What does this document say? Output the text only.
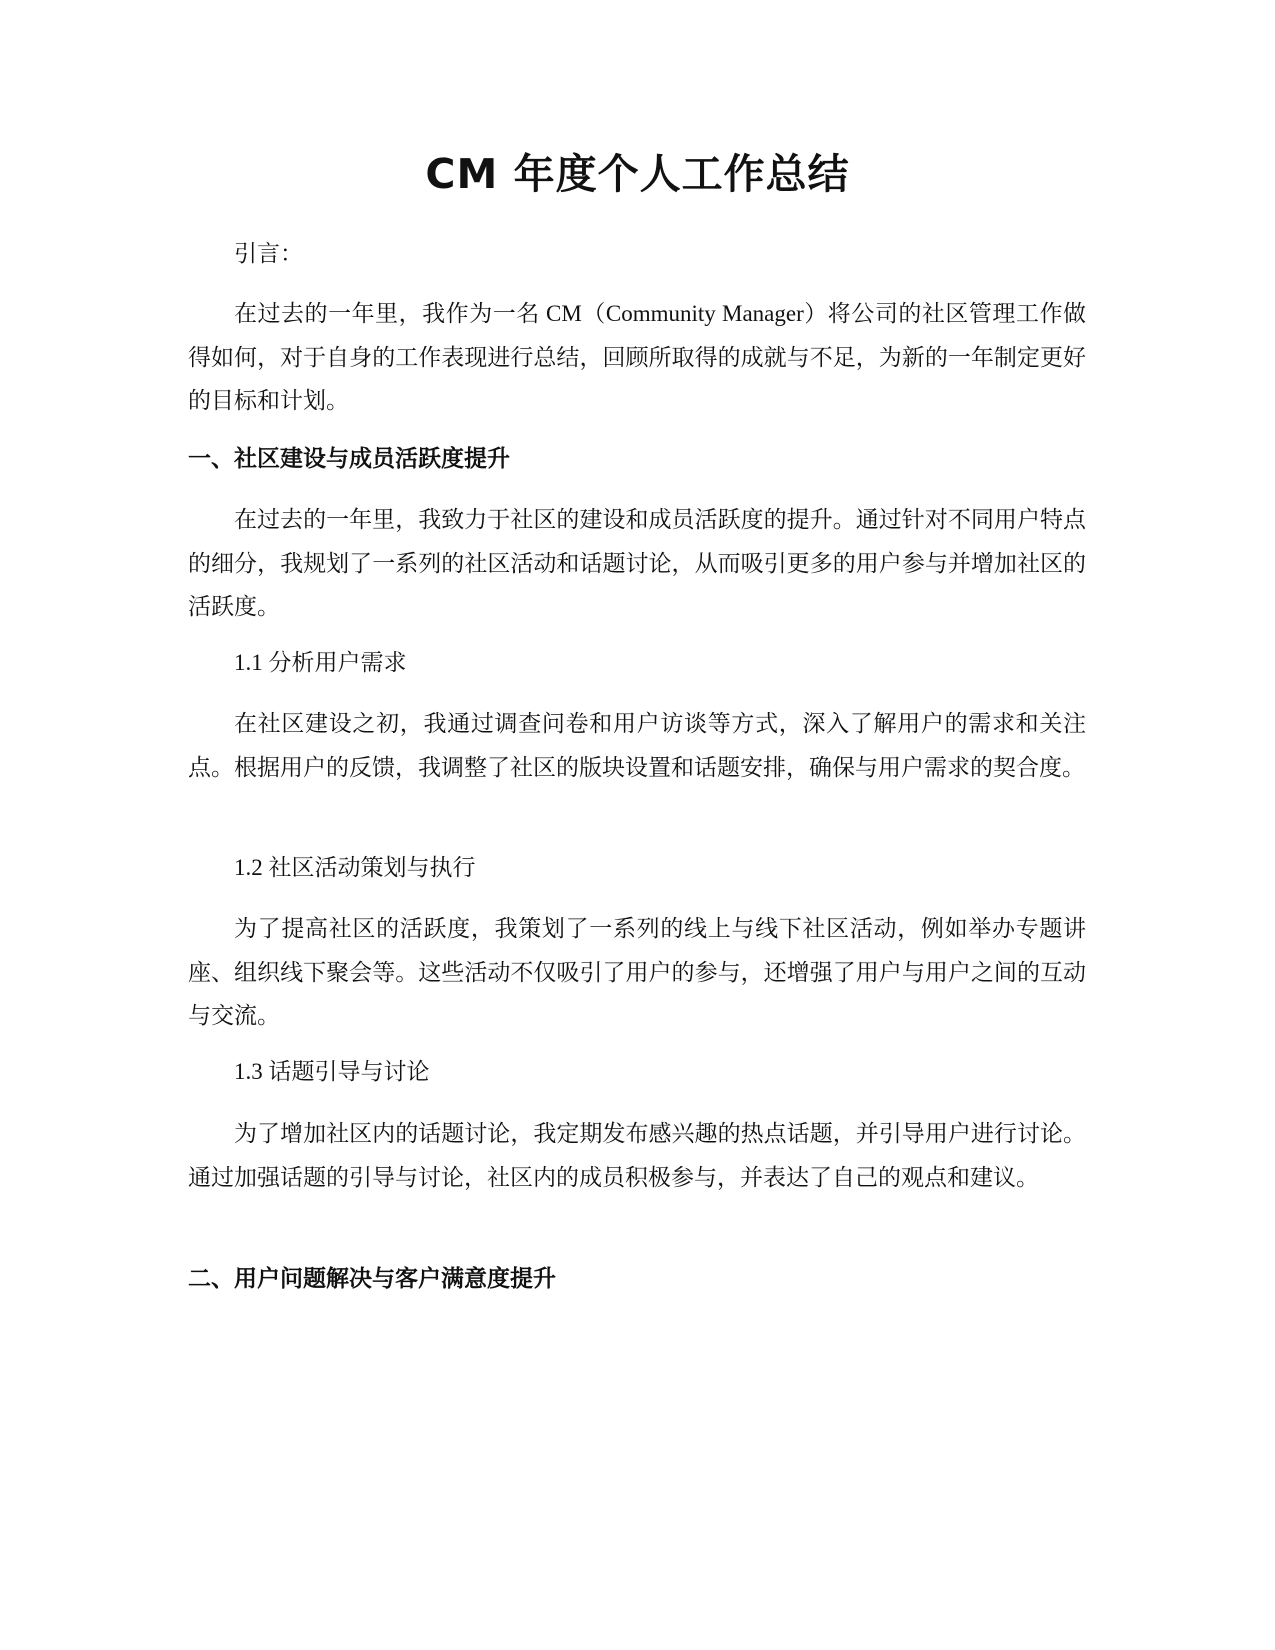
CM 年度个人工作总结

引言：

在过去的一年里，我作为一名 CM（Community Manager）将公司的社区管理工作做得如何，对于自身的工作表现进行总结，回顾所取得的成就与不足，为新的一年制定更好的目标和计划。

一、社区建设与成员活跃度提升

在过去的一年里，我致力于社区的建设和成员活跃度的提升。通过针对不同用户特点的细分，我规划了一系列的社区活动和话题讨论，从而吸引更多的用户参与并增加社区的活跃度。

1.1 分析用户需求

在社区建设之初，我通过调查问卷和用户访谈等方式，深入了解用户的需求和关注点。根据用户的反馈，我调整了社区的版块设置和话题安排，确保与用户需求的契合度。

1.2 社区活动策划与执行

为了提高社区的活跃度，我策划了一系列的线上与线下社区活动，例如举办专题讲座、组织线下聚会等。这些活动不仅吸引了用户的参与，还增强了用户与用户之间的互动与交流。

1.3 话题引导与讨论

为了增加社区内的话题讨论，我定期发布感兴趣的热点话题，并引导用户进行讨论。通过加强话题的引导与讨论，社区内的成员积极参与，并表达了自己的观点和建议。

二、用户问题解决与客户满意度提升
